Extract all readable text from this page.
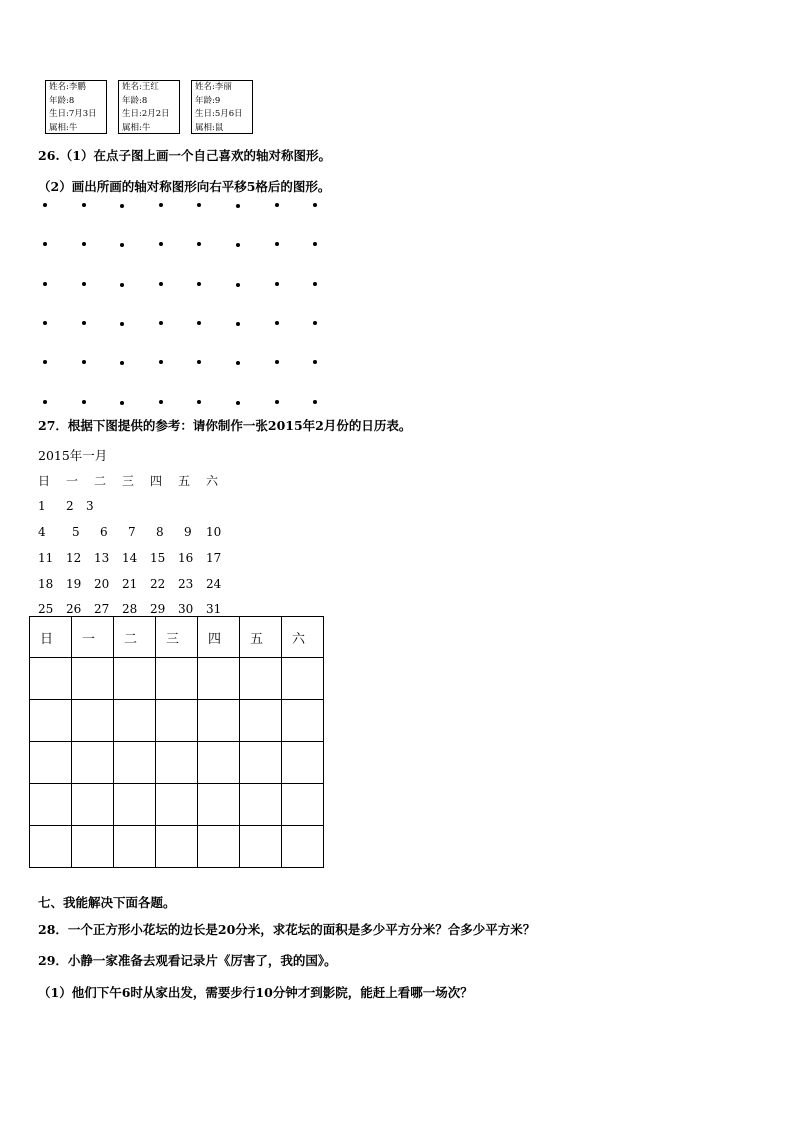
姓名:李鹏
年龄:8
生日:7月3日
属相:牛
姓名:王红
年龄:8
生日:2月2日
属相:牛
姓名:李丽
年龄:9
生日:5月6日
属相:鼠
26.（1）在点子图上画一个自己喜欢的轴对称图形。
（2）画出所画的轴对称图形向右平移5格后的图形。
27．根据下图提供的参考：请你制作一张2015年2月份的日历表。
2015年一月
日 一 二 三 四 五 六
1 2 3
4 5 6 7 8 9 10
11 12 13 14 15 16 17
18 19 20 21 22 23 24
25 26 27 28 29 30 31
日	一	二	三	四	五	六

七、我能解决下面各题。
28．一个正方形小花坛的边长是20分米，求花坛的面积是多少平方分米？合多少平方米？
29．小静一家准备去观看记录片《厉害了，我的国》。
（1）他们下午6时从家出发，需要步行10分钟才到影院，能赶上看哪一场次？
